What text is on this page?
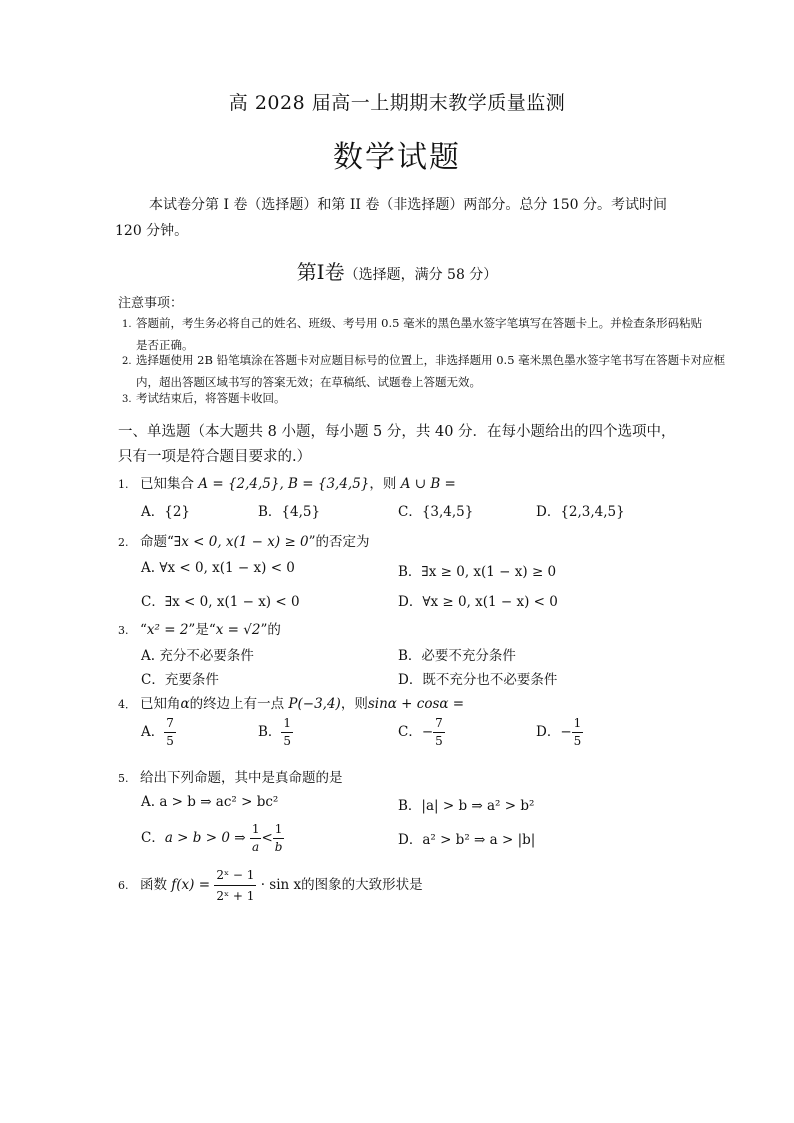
高 2028 届高一上期期末教学质量监测
数学试题
本试卷分第 I 卷（选择题）和第 II 卷（非选择题）两部分。总分 150 分。考试时间 120 分钟。
第Ⅰ卷（选择题，满分 58 分）
注意事项：
1. 答题前，考生务必将自己的姓名、班级、考号用 0.5 毫米的黑色墨水签字笔填写在答题卡上。并检查条形码粘贴
是否正确。
2. 选择题使用 2B 铅笔填涂在答题卡对应题目标号的位置上，非选择题用 0.5 毫米黑色墨水签字笔书写在答题卡对应框
内，超出答题区域书写的答案无效；在草稿纸、试题卷上答题无效。
3. 考试结束后，将答题卡收回。
一、单选题（本大题共 8 小题，每小题 5 分，共 40 分．在每小题给出的四个选项中，只有一项是符合题目要求的.）
1. 已知集合 A = {2,4,5}, B = {3,4,5}，则 A ∪ B =
A．{2}	B．{4,5}	C．{3,4,5}	D．{2,3,4,5}
2. 命题“∃x < 0, x(1 − x) ≥ 0”的否定为
A. ∀x < 0, x(1 − x) < 0	B．∃x ≥ 0, x(1 − x) ≥ 0
C．∃x < 0, x(1 − x) < 0	D．∀x ≥ 0, x(1 − x) < 0
3. “x² = 2”是“x = √2”的
A. 充分不必要条件	B．必要不充分条件
C．充要条件	D．既不充分也不必要条件
4． 已知角α的终边上有一点 P(−3,4)，则sinα + cosα =
A． $\frac{7}{5}$	B． $\frac{1}{5}$	C．− $\frac{7}{5}$	D．− $\frac{1}{5}$
5. 给出下列命题，其中是真命题的是
A. a > b ⇒ ac² > bc²	B．|a| > b ⇒ a² > b²
C．a > b > 0 ⇒ $\frac{1}{a} < \frac{1}{b}$	D．a² > b² ⇒ a > |b|
6. 函数 $f(x) = \frac{\text{2ˣ − 1}}{\text{2ˣ + 1}} \cdot \sin x$的图象的大致形状是
